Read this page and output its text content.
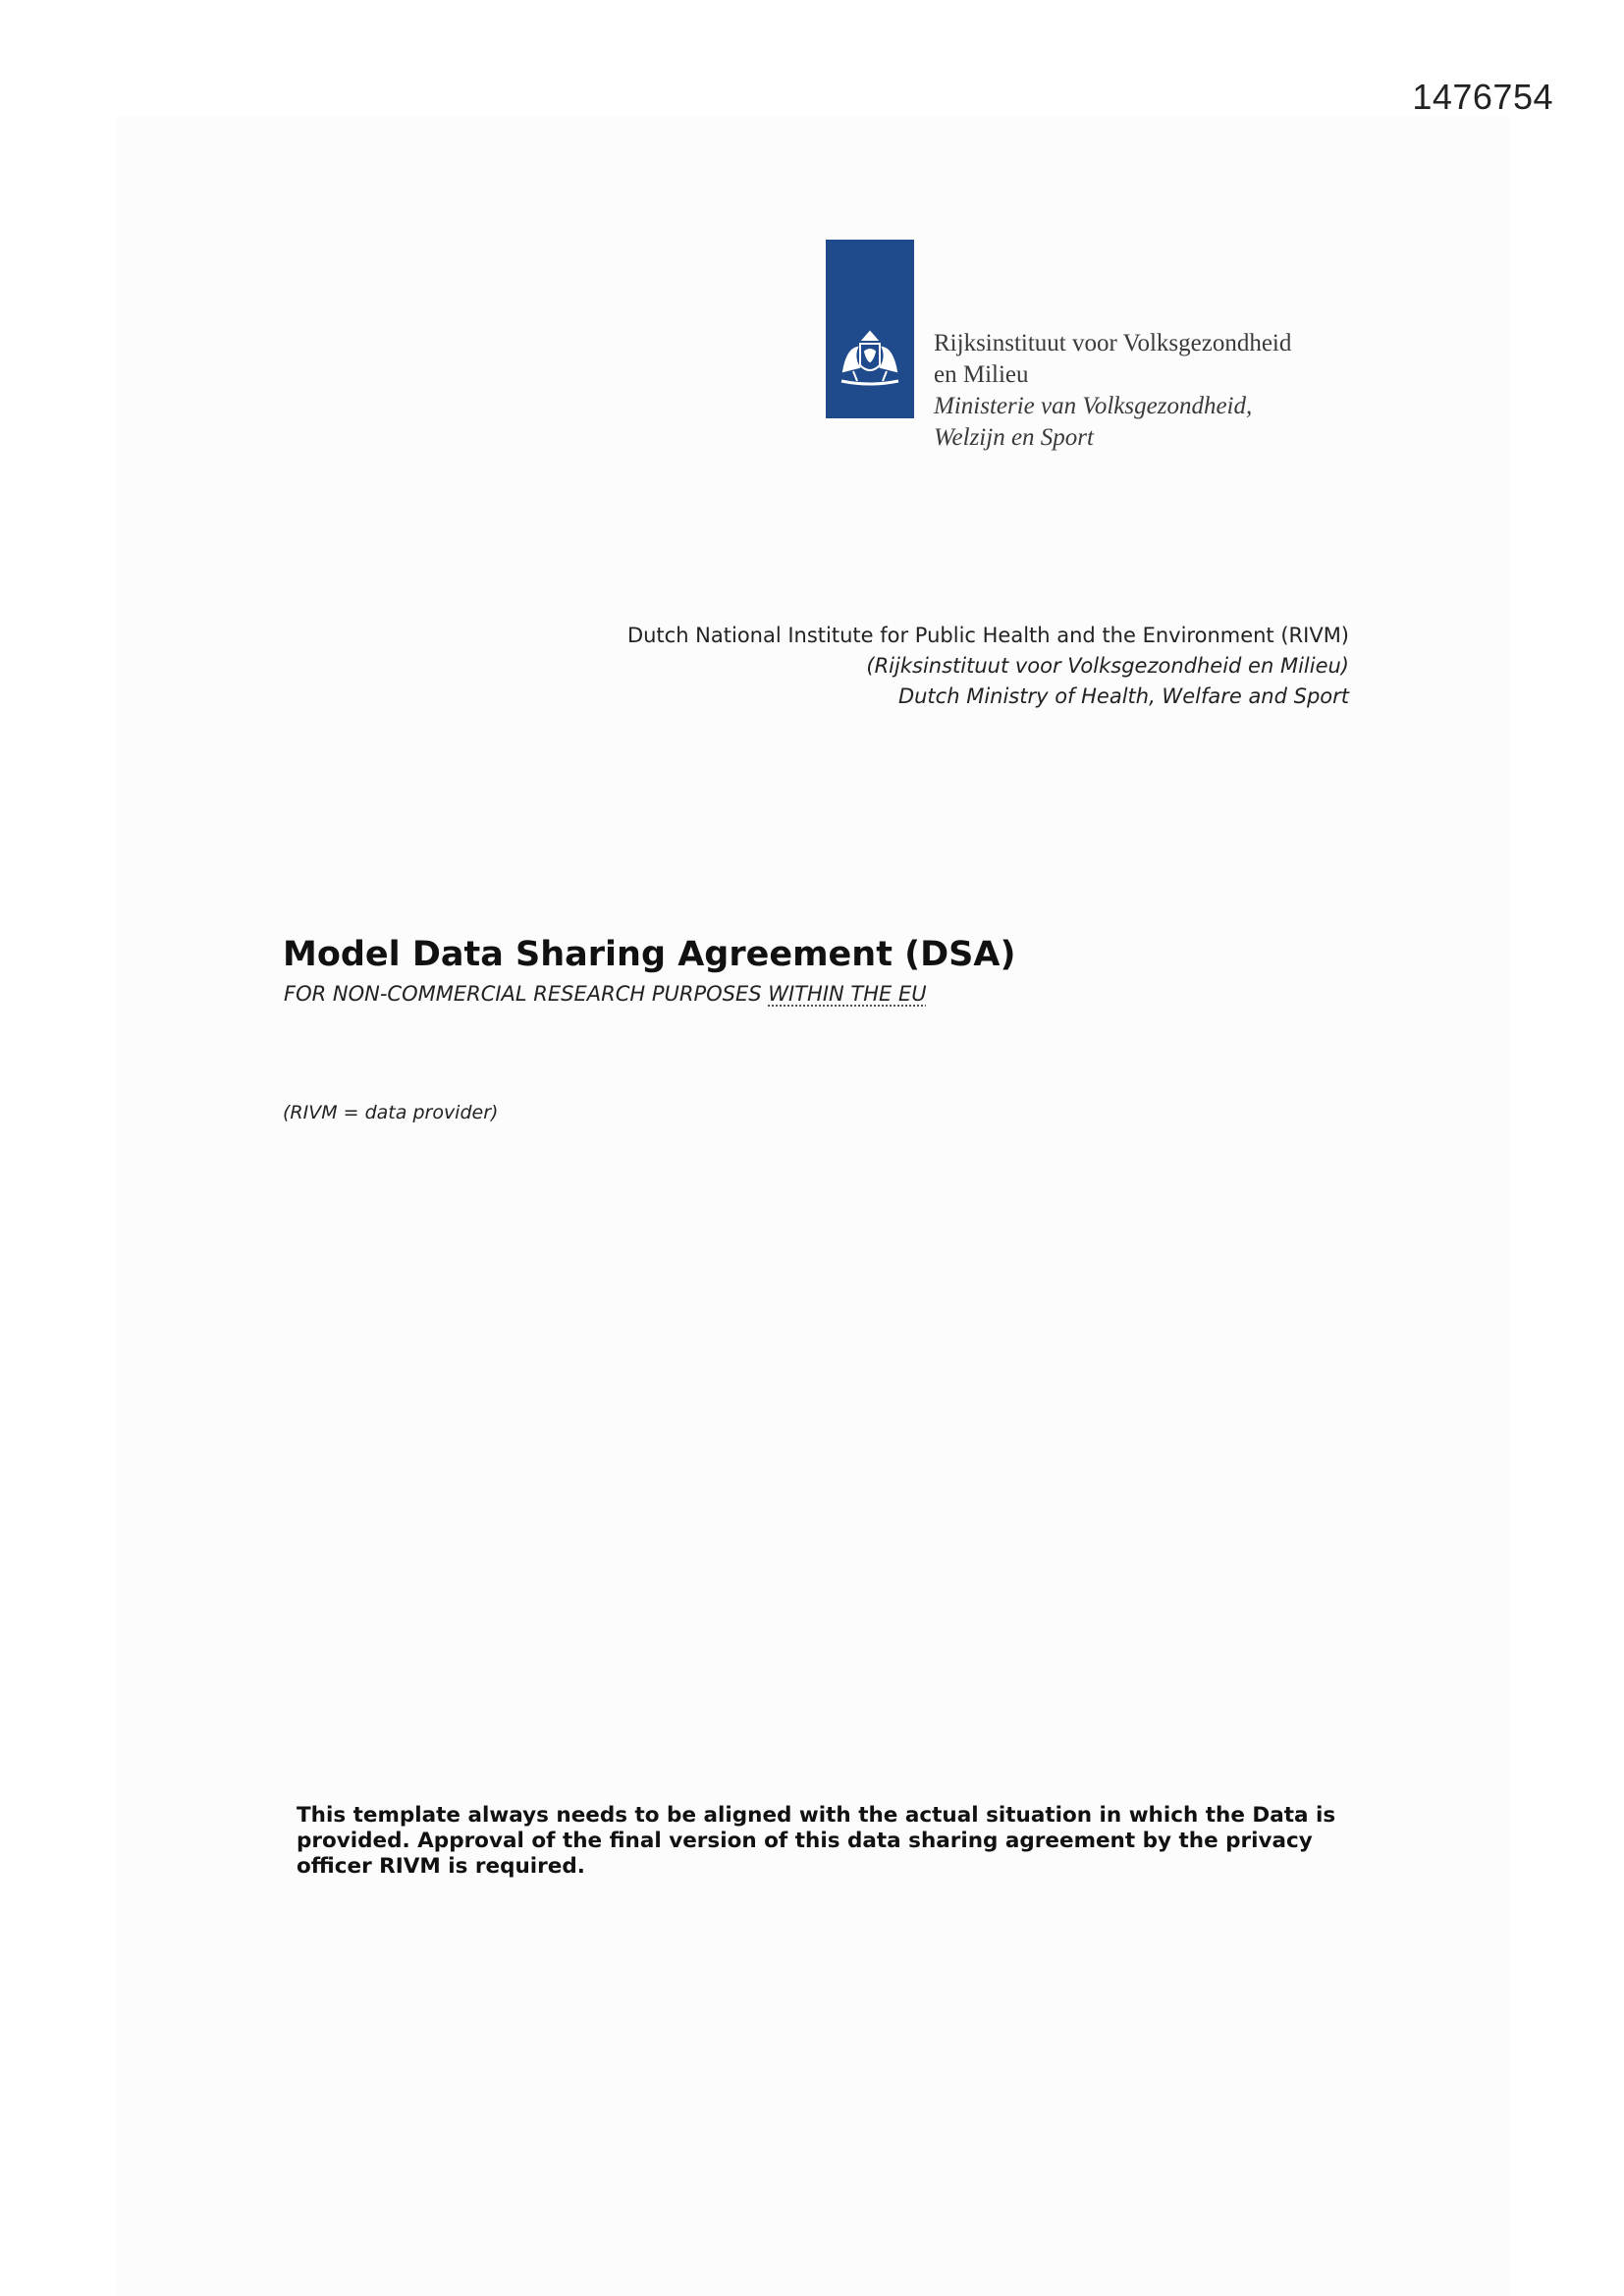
1476754
Rijksinstituut voor Volksgezondheid
en Milieu
Ministerie van Volksgezondheid,
Welzijn en Sport
Dutch National Institute for Public Health and the Environment (RIVM)
(Rijksinstituut voor Volksgezondheid en Milieu)
Dutch Ministry of Health, Welfare and Sport
Model Data Sharing Agreement (DSA)
FOR NON-COMMERCIAL RESEARCH PURPOSES WITHIN THE EU
(RIVM = data provider)
This template always needs to be aligned with the actual situation in which the Data is provided. Approval of the final version of this data sharing agreement by the privacy officer RIVM is required.
